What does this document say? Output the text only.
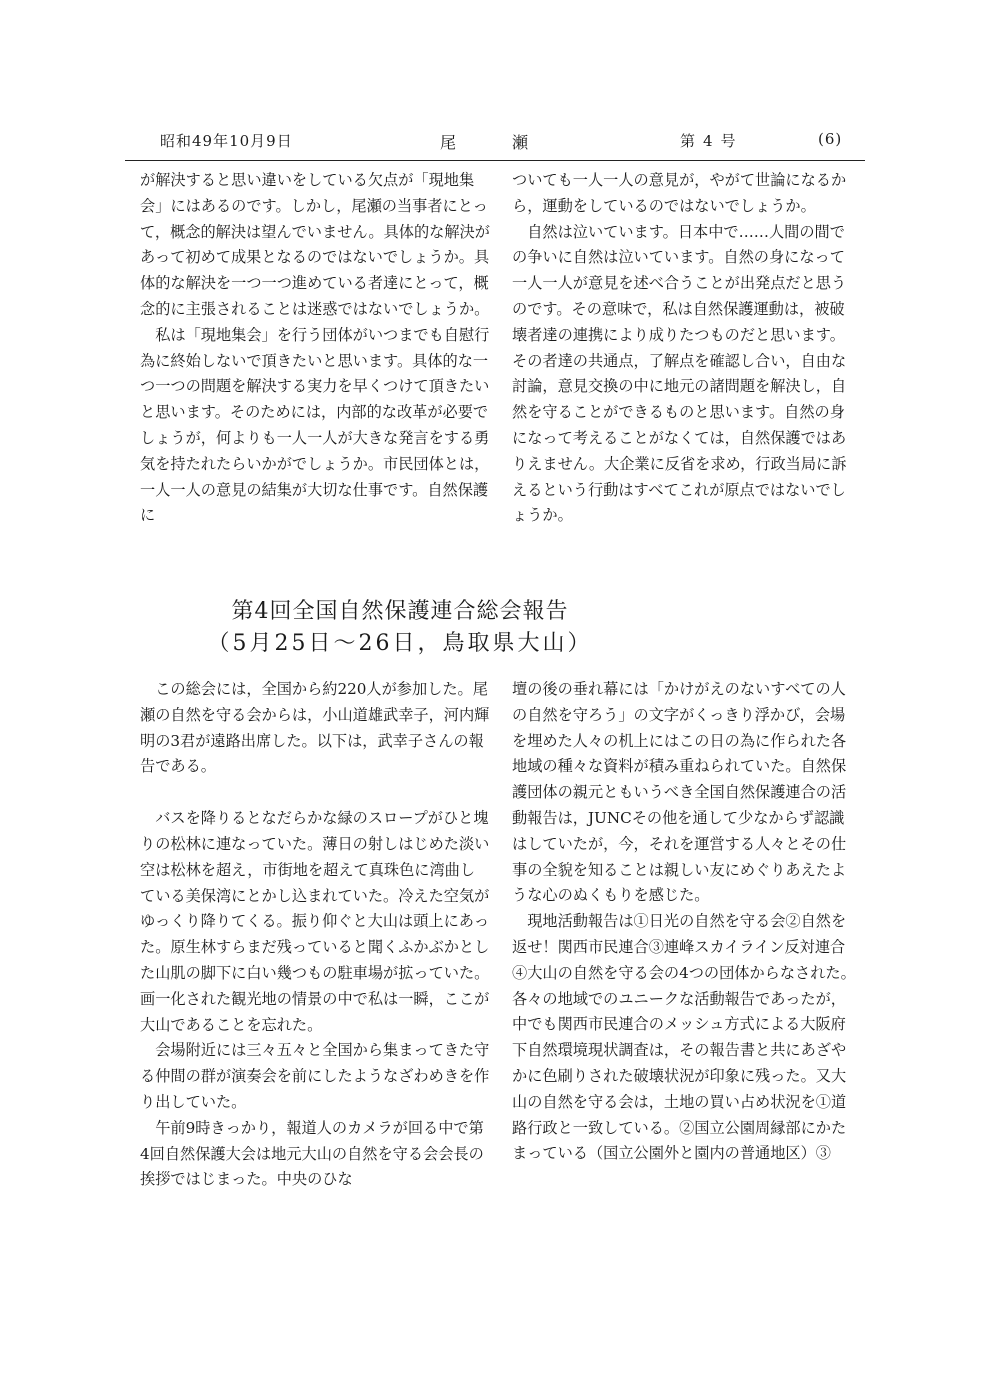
昭和49年10月9日	尾瀬	第4号	(6)

が解決すると思い違いをしている欠点が「現地集会」にはあるのです。しかし，尾瀬の当事者にとって，概念的解決は望んでいません。具体的な解決があって初めて成果となるのではないでしょうか。具体的な解決を一つ一つ進めている者達にとって，概念的に主張されることは迷惑ではないでしょうか。

私は「現地集会」を行う団体がいつまでも自慰行為に終始しないで頂きたいと思います。具体的な一つ一つの問題を解決する実力を早くつけて頂きたいと思います。そのためには，内部的な改革が必要でしょうが，何よりも一人一人が大きな発言をする勇気を持たれたらいかがでしょうか。市民団体とは，一人一人の意見の結集が大切な仕事です。自然保護に

ついても一人一人の意見が，やがて世論になるから，運動をしているのではないでしょうか。

自然は泣いています。日本中で……人間の間での争いに自然は泣いています。自然の身になって一人一人が意見を述べ合うことが出発点だと思うのです。その意味で，私は自然保護運動は，被破壊者達の連携により成りたつものだと思います。その者達の共通点，了解点を確認し合い，自由な討論，意見交換の中に地元の諸問題を解決し，自然を守ることができるものと思います。自然の身になって考えることがなくては，自然保護ではありえません。大企業に反省を求め，行政当局に訴えるという行動はすべてこれが原点ではないでしょうか。

第4回全国自然保護連合総会報告
（5月25日～26日，鳥取県大山）

この総会には，全国から約220人が参加した。尾瀬の自然を守る会からは，小山道雄武幸子，河内輝明の3君が遠路出席した。以下は，武幸子さんの報告である。

バスを降りるとなだらかな緑のスロープがひと塊りの松林に連なっていた。薄日の射しはじめた淡い空は松林を超え，市街地を超えて真珠色に湾曲している美保湾にとかし込まれていた。冷えた空気がゆっくり降りてくる。振り仰ぐと大山は頭上にあった。原生林すらまだ残っていると聞くふかぶかとした山肌の脚下に白い幾つもの駐車場が拡っていた。画一化された観光地の情景の中で私は一瞬，ここが大山であることを忘れた。

会場附近には三々五々と全国から集まってきた守る仲間の群が演奏会を前にしたようなざわめきを作り出していた。

午前9時きっかり，報道人のカメラが回る中で第4回自然保護大会は地元大山の自然を守る会会長の挨拶ではじまった。中央のひな

壇の後の垂れ幕には「かけがえのないすべての人の自然を守ろう」の文字がくっきり浮かび，会場を埋めた人々の机上にはこの日の為に作られた各地域の種々な資料が積み重ねられていた。自然保護団体の親元ともいうべき全国自然保護連合の活動報告は，JUNCその他を通して少なからず認識はしていたが，今，それを運営する人々とその仕事の全貌を知ることは親しい友にめぐりあえたような心のぬくもりを感じた。

現地活動報告は①日光の自然を守る会②自然を返せ！関西市民連合③連峰スカイライン反対連合④大山の自然を守る会の4つの団体からなされた。各々の地域でのユニークな活動報告であったが，中でも関西市民連合のメッシュ方式による大阪府下自然環境現状調査は，その報告書と共にあざやかに色刷りされた破壊状況が印象に残った。又大山の自然を守る会は，土地の買い占め状況を①道路行政と一致している。②国立公園周縁部にかたまっている（国立公園外と園内の普通地区）③
